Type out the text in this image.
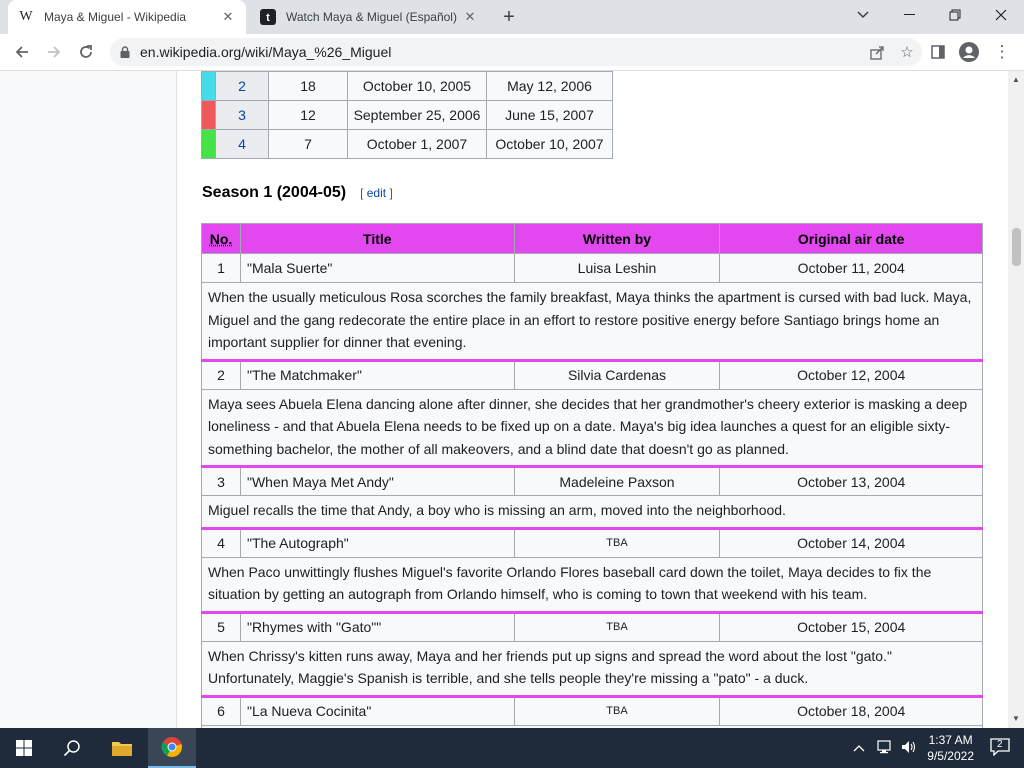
W Maya & Miguel - Wikipedia	✕	t Watch Maya & Miguel (Español) ✕ +
en.wikipedia.org/wiki/Maya_%26_Miguel	☆	⋮
	2	18	October 10, 2005	May 12, 2006
	3	12	September 25, 2006	June 15, 2007
	4	7	October 1, 2007	October 10, 2007
Season 1 (2004-05) [ edit ]
No.	Title	Written by	Original air date
1	"Mala Suerte"	Luisa Leshin	October 11, 2004
When the usually meticulous Rosa scorches the family breakfast, Maya thinks the apartment is cursed with bad luck. Maya, Miguel and the gang redecorate the entire place in an effort to restore positive energy before Santiago brings home an important supplier for dinner that evening.			
2	"The Matchmaker"	Silvia Cardenas	October 12, 2004
Maya sees Abuela Elena dancing alone after dinner, she decides that her grandmother's cheery exterior is masking a deep loneliness - and that Abuela Elena needs to be fixed up on a date. Maya's big idea launches a quest for an eligible sixty-something bachelor, the mother of all makeovers, and a blind date that doesn't go as planned.			
3	"When Maya Met Andy"	Madeleine Paxson	October 13, 2004
Miguel recalls the time that Andy, a boy who is missing an arm, moved into the neighborhood.			
4	"The Autograph"	TBA	October 14, 2004
When Paco unwittingly flushes Miguel's favorite Orlando Flores baseball card down the toilet, Maya decides to fix the situation by getting an autograph from Orlando himself, who is coming to town that weekend with his team.			
5	"Rhymes with "Gato""	TBA	October 15, 2004
When Chrissy's kitten runs away, Maya and her friends put up signs and spread the word about the lost "gato." Unfortunately, Maggie's Spanish is terrible, and she tells people they're missing a "pato" - a duck.			
6	"La Nueva Cocinita"	TBA	October 18, 2004

▲
▼
1:37 AM
9/5/2022
2
